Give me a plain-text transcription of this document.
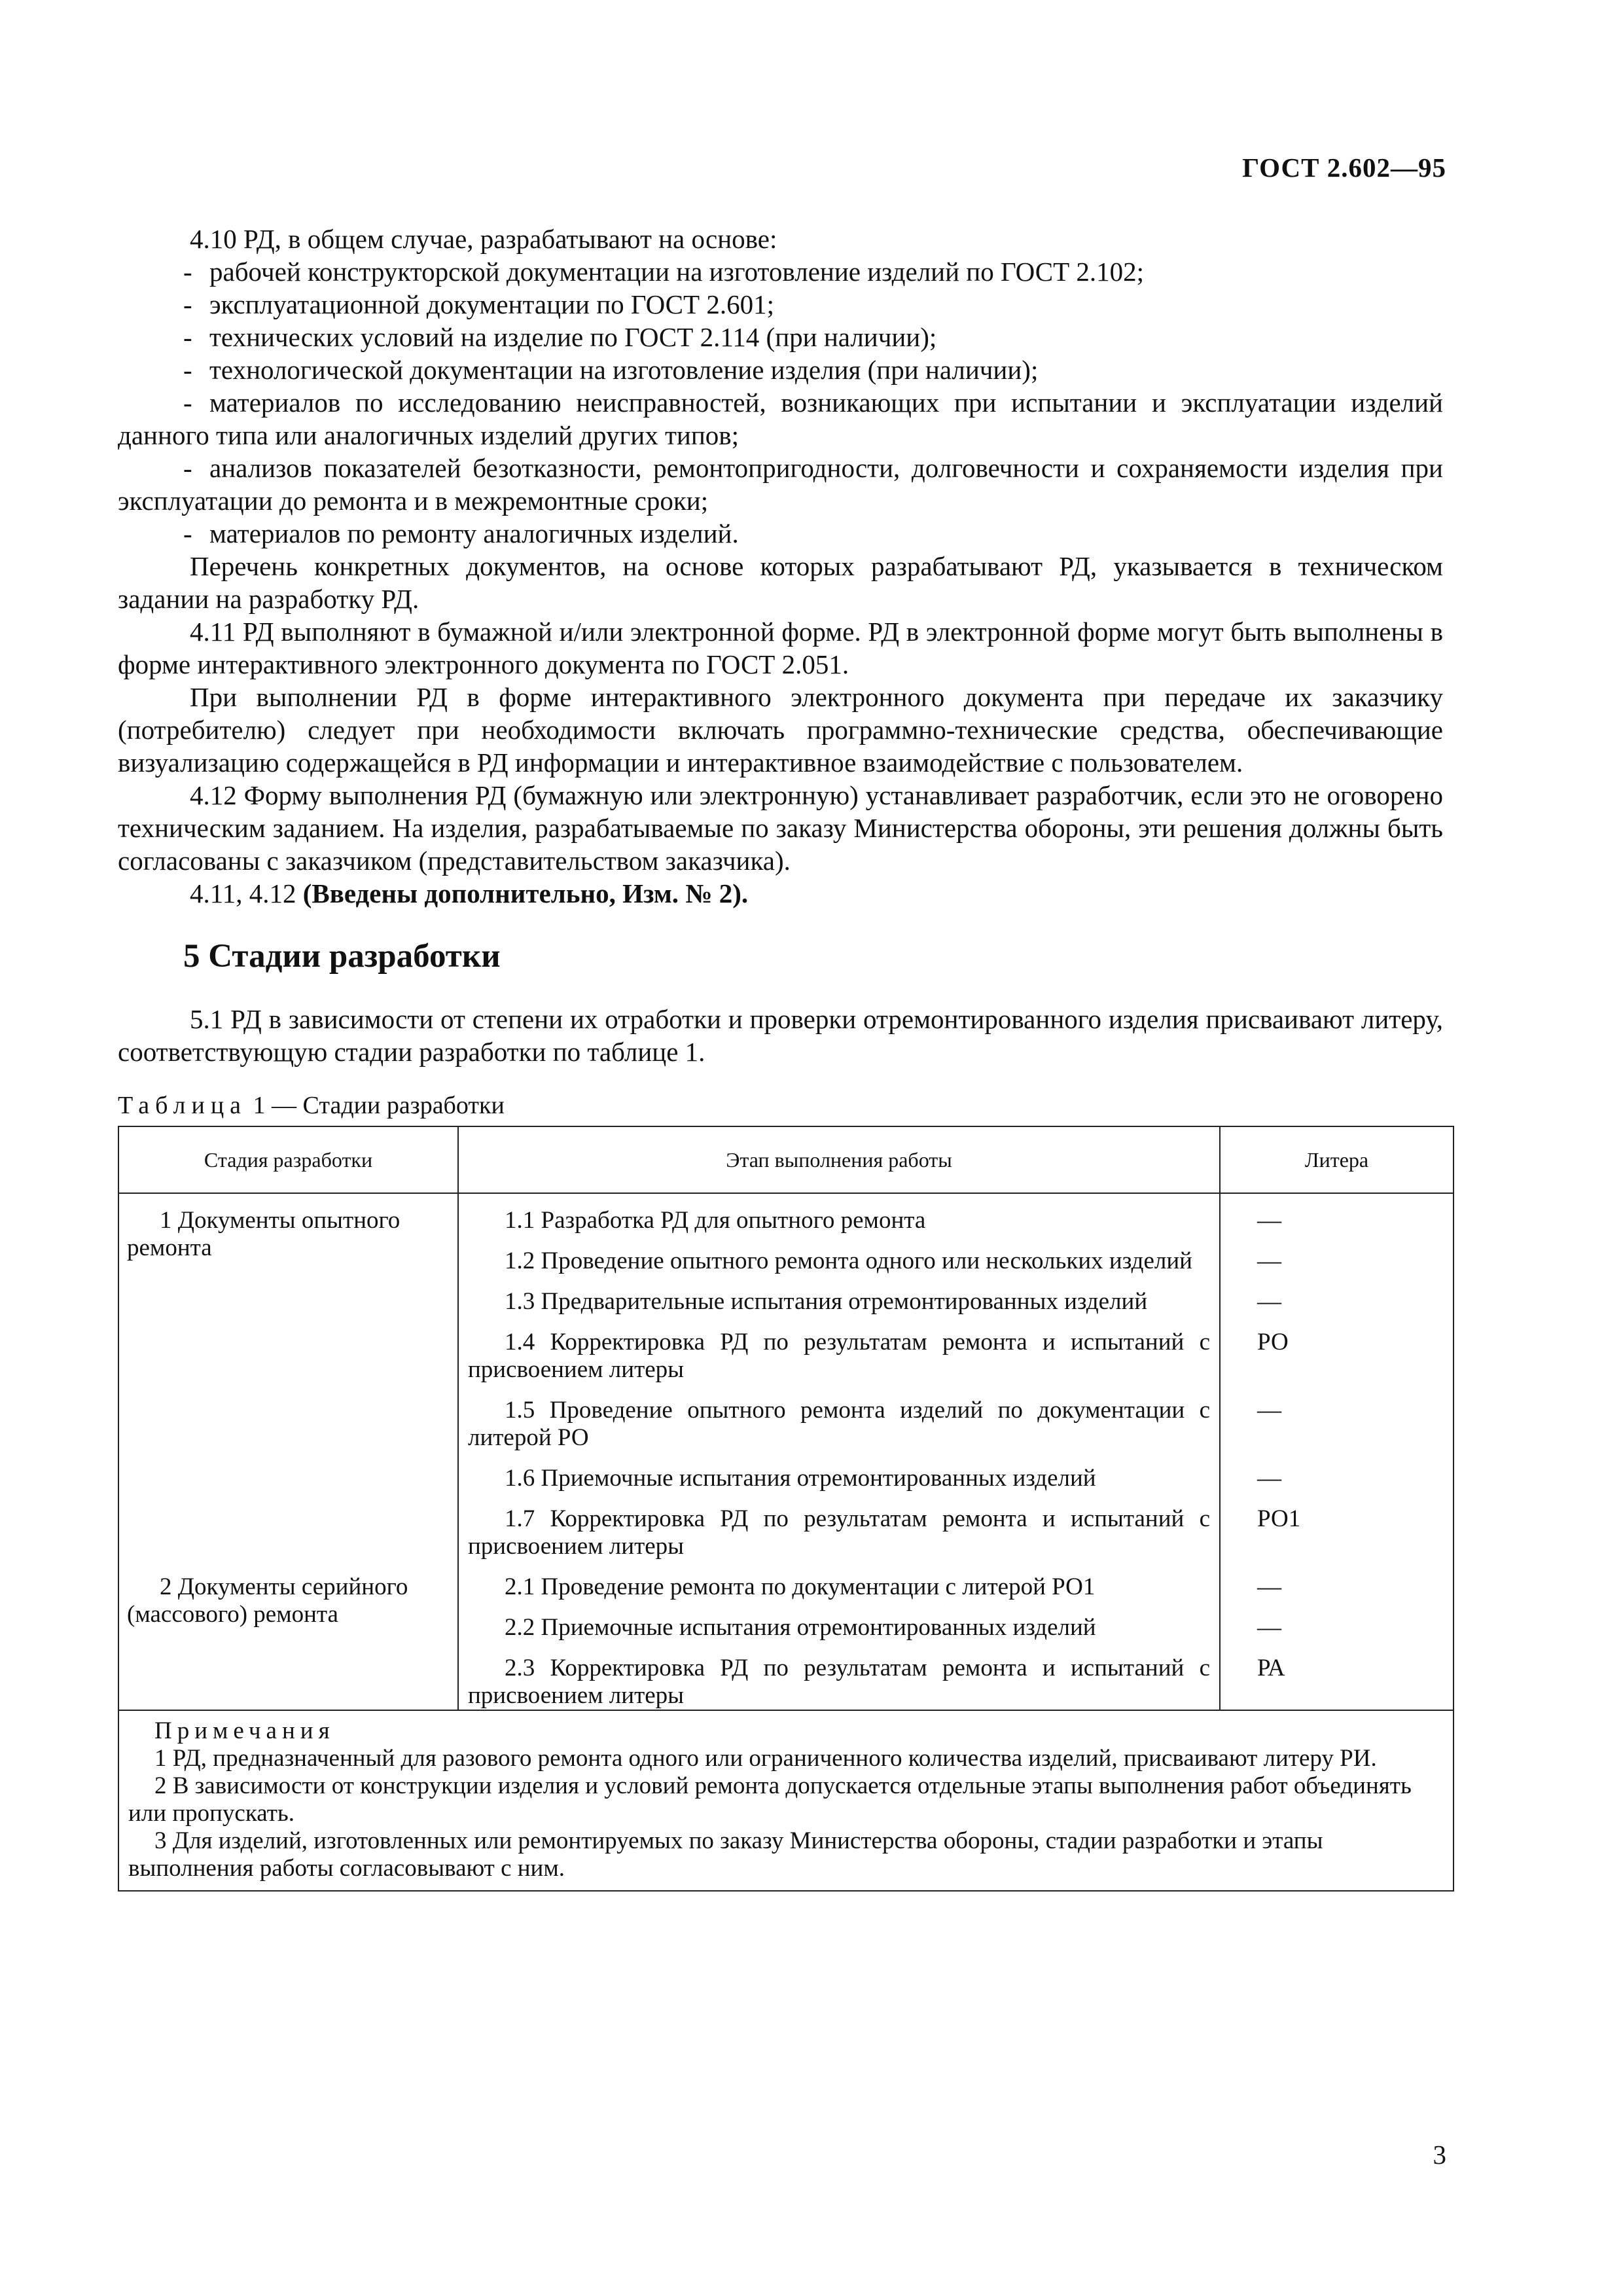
ГОСТ 2.602—95

4.10 РД, в общем случае, разрабатывают на основе:

- рабочей конструкторской документации на изготовление изделий по ГОСТ 2.102;

- эксплуатационной документации по ГОСТ 2.601;

- технических условий на изделие по ГОСТ 2.114 (при наличии);

- технологической документации на изготовление изделия (при наличии);

- материалов по исследованию неисправностей, возникающих при испытании и эксплуатации изделий данного типа или аналогичных изделий других типов;

- анализов показателей безотказности, ремонтопригодности, долговечности и сохраняемости изделия при эксплуатации до ремонта и в межремонтные сроки;

- материалов по ремонту аналогичных изделий.

Перечень конкретных документов, на основе которых разрабатывают РД, указывается в техническом задании на разработку РД.

4.11 РД выполняют в бумажной и/или электронной форме. РД в электронной форме могут быть выполнены в форме интерактивного электронного документа по ГОСТ 2.051.

При выполнении РД в форме интерактивного электронного документа при передаче их заказчику (потребителю) следует при необходимости включать программно-технические средства, обеспечивающие визуализацию содержащейся в РД информации и интерактивное взаимодействие с пользователем.

4.12 Форму выполнения РД (бумажную или электронную) устанавливает разработчик, если это не оговорено техническим заданием. На изделия, разрабатываемые по заказу Министерства обороны, эти решения должны быть согласованы с заказчиком (представительством заказчика).

4.11, 4.12 (Введены дополнительно, Изм. № 2).

5 Стадии разработки

5.1 РД в зависимости от степени их отработки и проверки отремонтированного изделия присваивают литеру, соответствующую стадии разработки по таблице 1.

Таблица 1 — Стадии разработки
Стадия разработки	Этап выполнения работы	Литера

1 Документы опытного ремонта	1.1 Разработка РД для опытного ремонта	—

	1.2 Проведение опытного ремонта одного или нескольких изделий	—

	1.3 Предварительные испытания отремонтированных изделий	—

	1.4 Корректировка РД по результатам ремонта и испытаний с присвоением литеры	РО

	1.5 Проведение опытного ремонта изделий по документации с литерой РО	—

	1.6 Приемочные испытания отремонтированных изделий	—

	1.7 Корректировка РД по результатам ремонта и испытаний с присвоением литеры	РО1

2 Документы серийного (массового) ремонта	2.1 Проведение ремонта по документации с литерой РО1	—

	2.2 Приемочные испытания отремонтированных изделий	—

	2.3 Корректировка РД по результатам ремонта и испытаний с присвоением литеры	РА

Примечания
1 РД, предназначенный для разового ремонта одного или ограниченного количества изделий, присваивают литеру РИ.
2 В зависимости от конструкции изделия и условий ремонта допускается отдельные этапы выполнения работ объединять или пропускать.
3 Для изделий, изготовленных или ремонтируемых по заказу Министерства обороны, стадии разработки и этапы выполнения работы согласовывают с ним.		
3
